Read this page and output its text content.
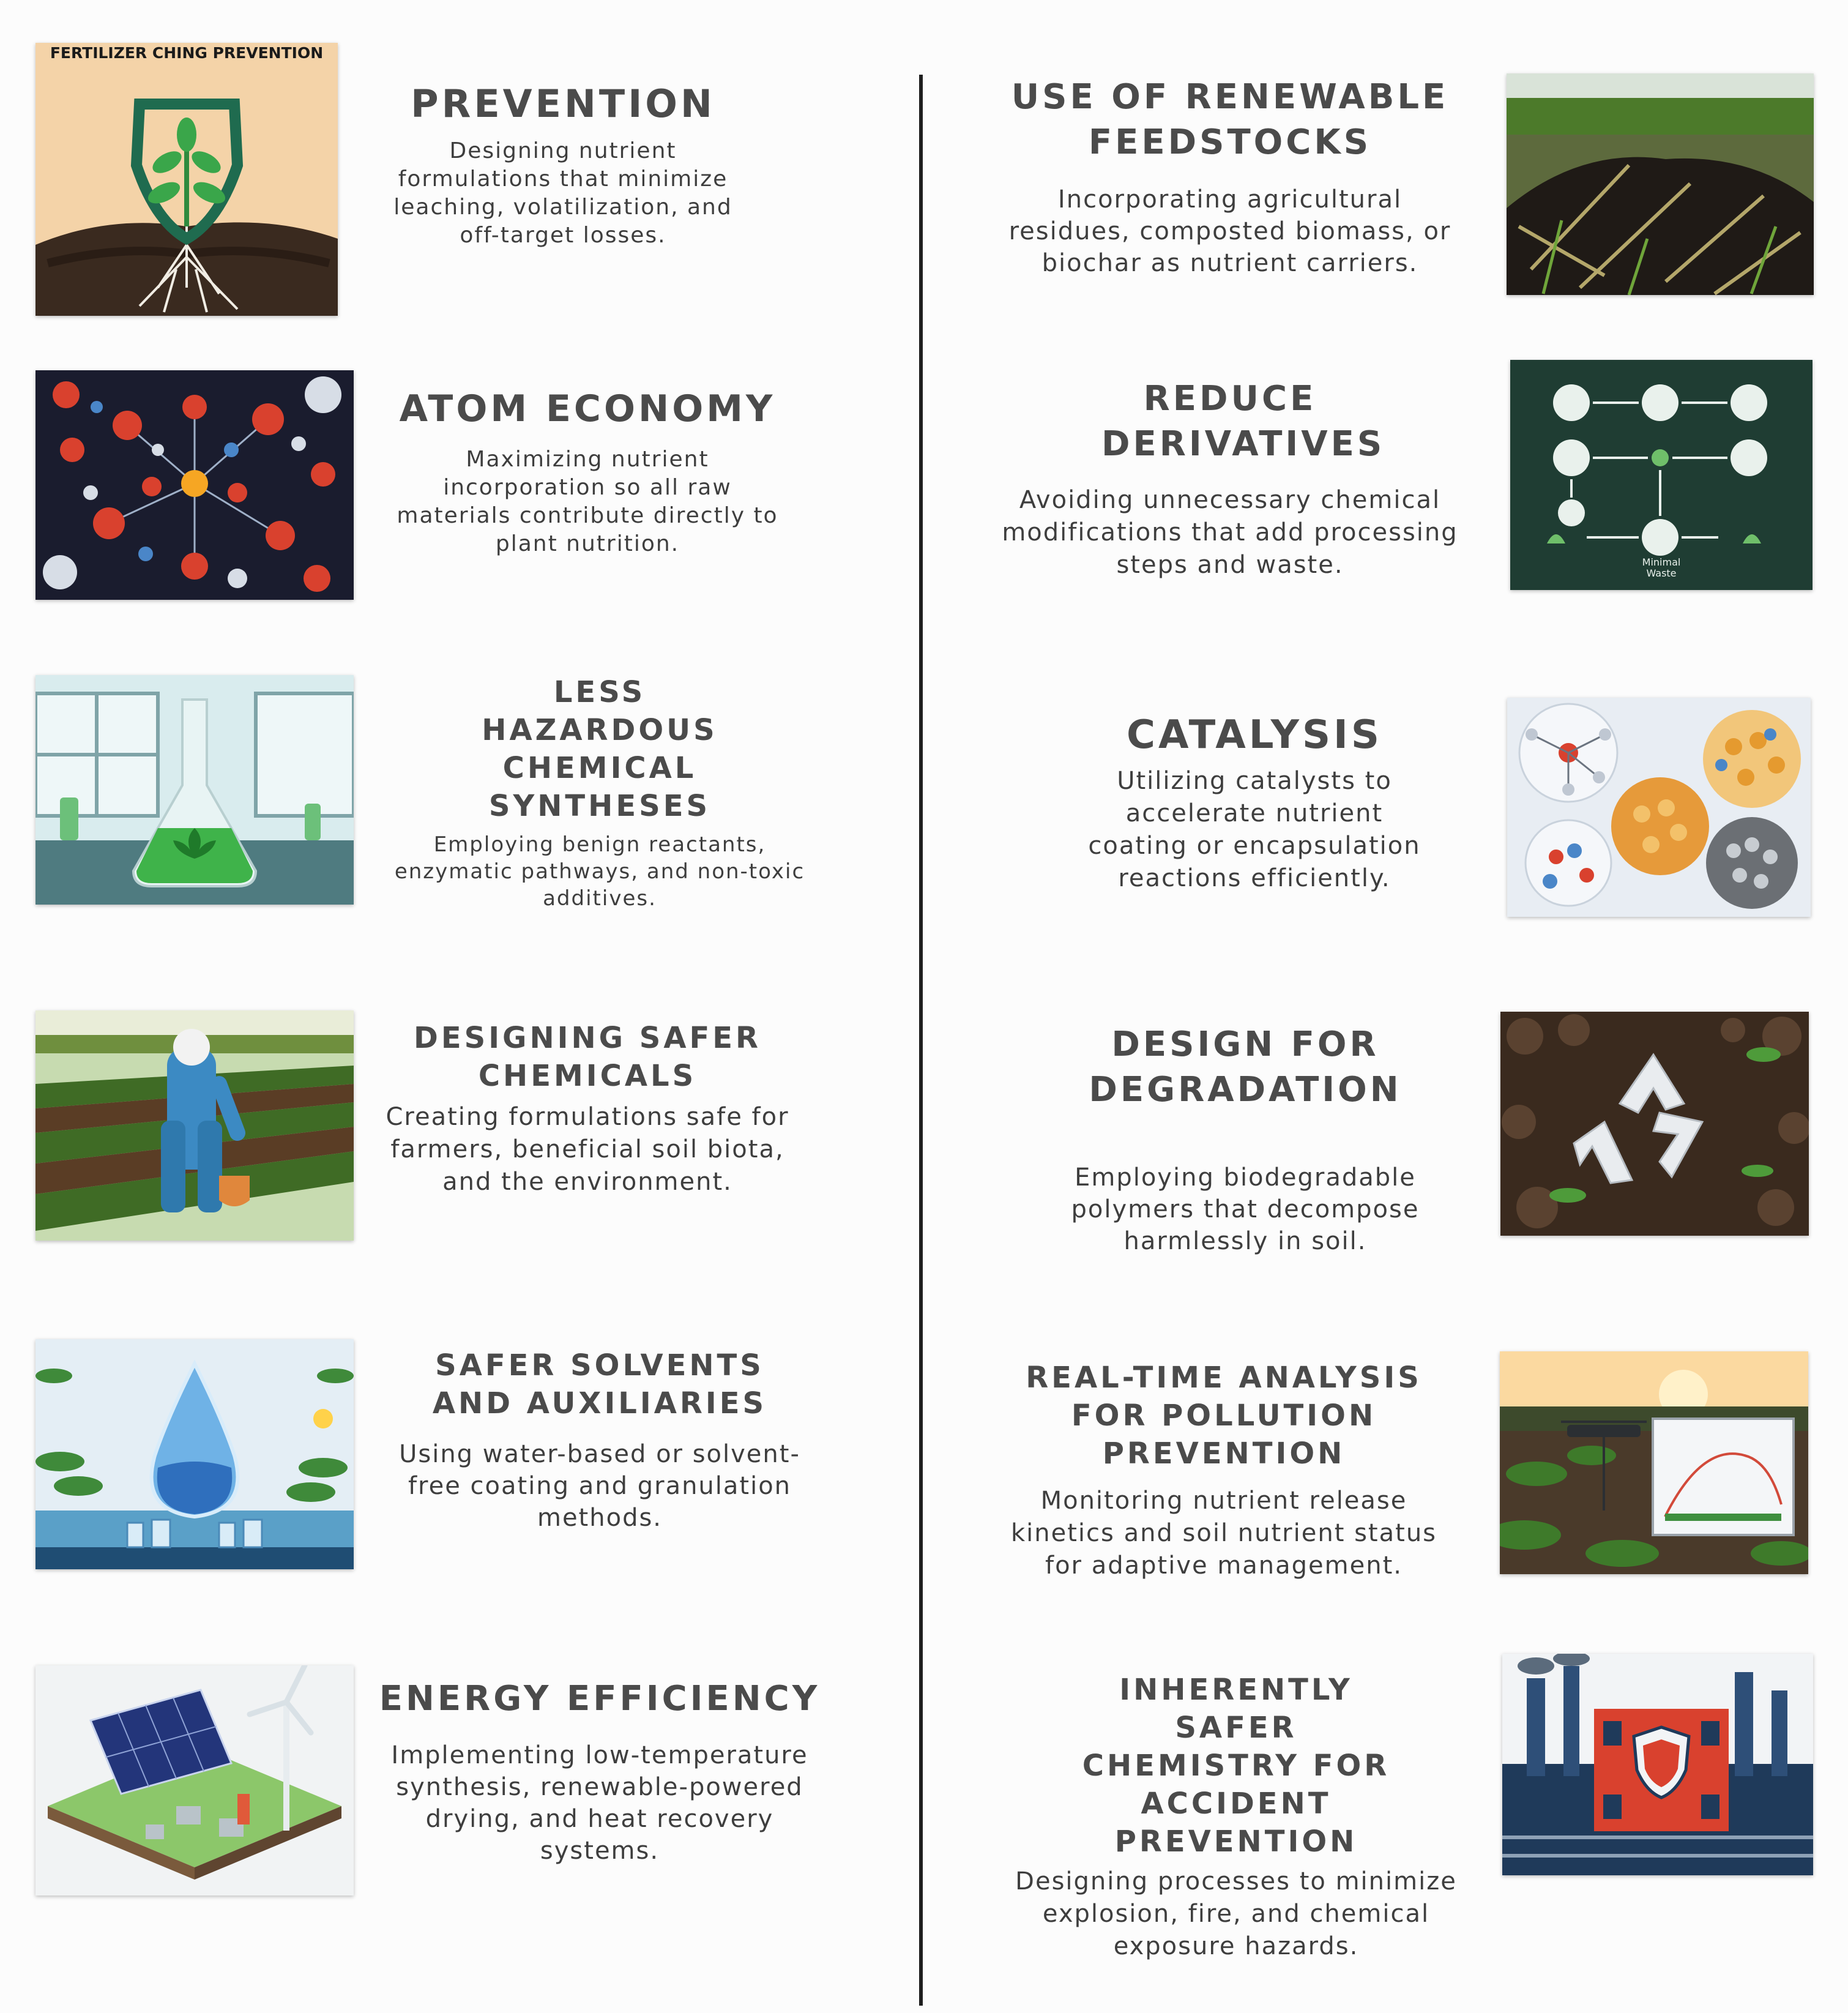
FERTILIZER CHING PREVENTION

PREVENTION

Designing nutrient formulations that minimize leaching, volatilization, and off-target losses.

ATOM ECONOMY

Maximizing nutrient incorporation so all raw materials contribute directly to plant nutrition.

LESS HAZARDOUS CHEMICAL SYNTHESES

Employing benign reactants, enzymatic pathways, and non-toxic additives.

DESIGNING SAFER CHEMICALS

Creating formulations safe for farmers, beneficial soil biota, and the environment.

SAFER SOLVENTS AND AUXILIARIES

Using water-based or solvent-free coating and granulation methods.

ENERGY EFFICIENCY

Implementing low-temperature synthesis, renewable-powered drying, and heat recovery systems.

USE OF RENEWABLE FEEDSTOCKS

Incorporating agricultural residues, composted biomass, or biochar as nutrient carriers.

REDUCE DERIVATIVES

Avoiding unnecessary chemical modifications that add processing steps and waste.	Minimal Waste

CATALYSIS

Utilizing catalysts to accelerate nutrient coating or encapsulation reactions efficiently.

DESIGN FOR DEGRADATION

Employing biodegradable polymers that decompose harmlessly in soil.

REAL-TIME ANALYSIS FOR POLLUTION PREVENTION

Monitoring nutrient release kinetics and soil nutrient status for adaptive management.

INHERENTLY SAFER CHEMISTRY FOR ACCIDENT PREVENTION

Designing processes to minimize explosion, fire, and chemical exposure hazards.
